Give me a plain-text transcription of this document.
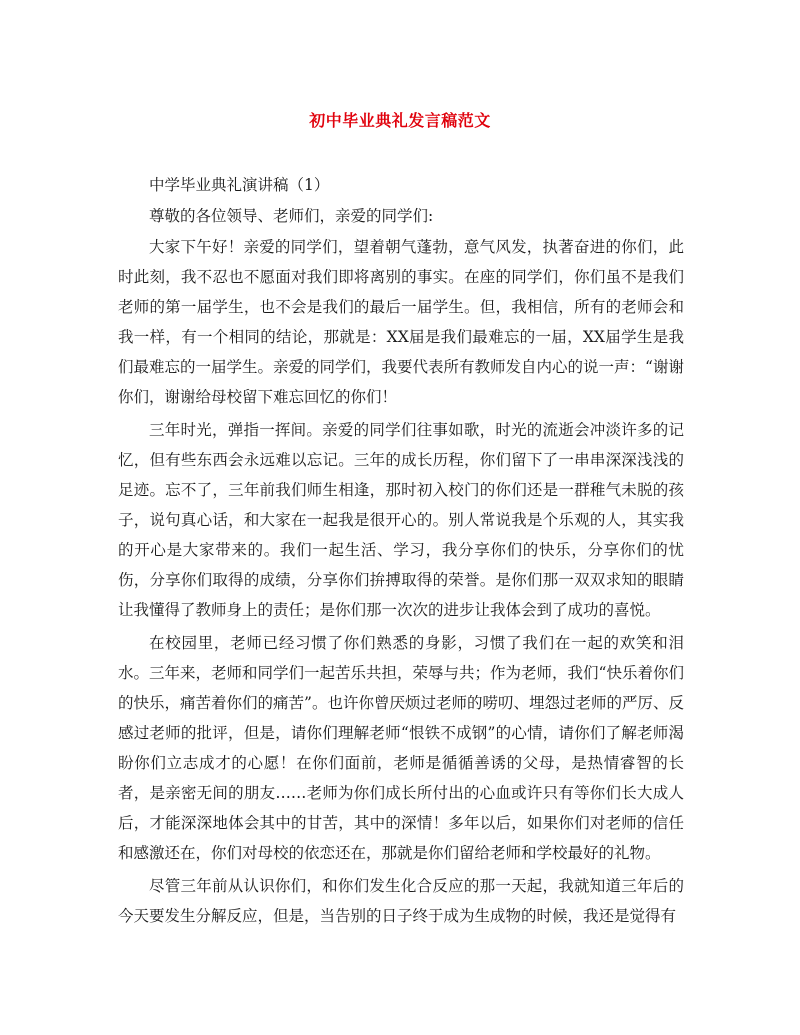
初中毕业典礼发言稿范文

中学毕业典礼演讲稿（1）

尊敬的各位领导、老师们，亲爱的同学们:

大家下午好！亲爱的同学们，望着朝气蓬勃，意气风发，执著奋进的你们，此时此刻，我不忍也不愿面对我们即将离别的事实。在座的同学们，你们虽不是我们老师的第一届学生，也不会是我们的最后一届学生。但，我相信，所有的老师会和我一样，有一个相同的结论，那就是：XX届是我们最难忘的一届，XX届学生是我们最难忘的一届学生。亲爱的同学们，我要代表所有教师发自内心的说一声：“谢谢你们，谢谢给母校留下难忘回忆的你们！

三年时光，弹指一挥间。亲爱的同学们往事如歌，时光的流逝会冲淡许多的记忆，但有些东西会永远难以忘记。三年的成长历程，你们留下了一串串深深浅浅的足迹。忘不了，三年前我们师生相逢，那时初入校门的你们还是一群稚气未脱的孩子，说句真心话，和大家在一起我是很开心的。别人常说我是个乐观的人，其实我的开心是大家带来的。我们一起生活、学习，我分享你们的快乐，分享你们的忧伤，分享你们取得的成绩，分享你们拚搏取得的荣誉。是你们那一双双求知的眼睛让我懂得了教师身上的责任；是你们那一次次的进步让我体会到了成功的喜悦。

在校园里，老师已经习惯了你们熟悉的身影，习惯了我们在一起的欢笑和泪水。三年来，老师和同学们一起苦乐共担，荣辱与共；作为老师，我们“快乐着你们的快乐，痛苦着你们的痛苦”。也许你曾厌烦过老师的唠叨、埋怨过老师的严厉、反感过老师的批评，但是，请你们理解老师“恨铁不成钢”的心情，请你们了解老师渴盼你们立志成才的心愿！在你们面前，老师是循循善诱的父母，是热情睿智的长者，是亲密无间的朋友……老师为你们成长所付出的心血或许只有等你们长大成人后，才能深深地体会其中的甘苦，其中的深情！多年以后，如果你们对老师的信任和感激还在，你们对母校的依恋还在，那就是你们留给老师和学校最好的礼物。

尽管三年前从认识你们，和你们发生化合反应的那一天起，我就知道三年后的今天要发生分解反应，但是，当告别的日子终于成为生成物的时候，我还是觉得有
